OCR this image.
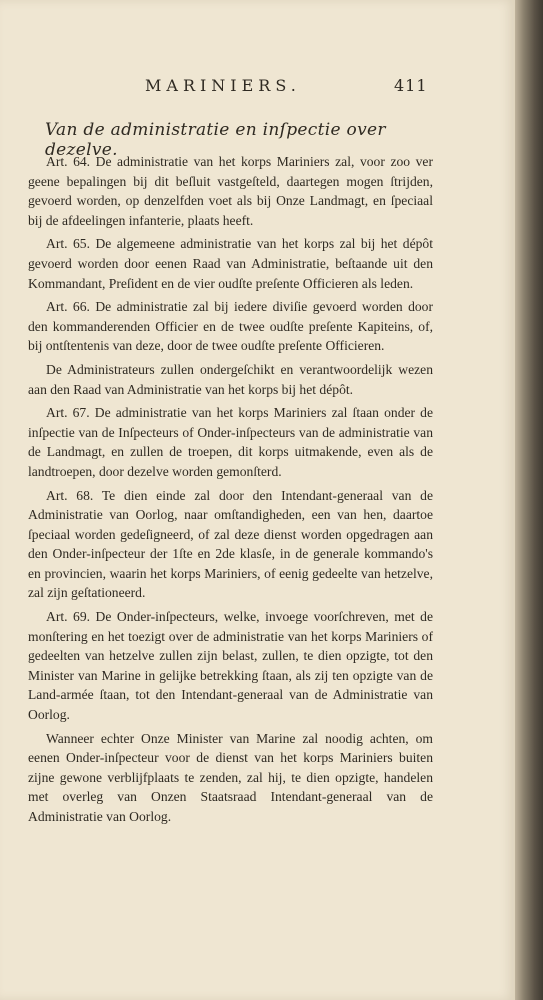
MARINIERS.	411
Van de administratie en inſpectie over dezelve.

Art. 64. De administratie van het korps Mariniers zal, voor zoo ver geene bepalingen bij dit beſluit vastgeſteld, daartegen mogen ſtrijden, gevoerd worden, op denzelfden voet als bij Onze Landmagt, en ſpeciaal bij de afdeelingen infanterie, plaats heeft.

Art. 65. De algemeene administratie van het korps zal bij het dépôt gevoerd worden door eenen Raad van Administratie, beſtaande uit den Kommandant, Preſident en de vier oudſte preſente Officieren als leden.

Art. 66. De administratie zal bij iedere diviſie gevoerd worden door den kommanderenden Officier en de twee oudſte preſente Kapiteins, of, bij ontſtentenis van deze, door de twee oudſte preſente Officieren.

De Administrateurs zullen ondergeſchikt en verantwoordelijk wezen aan den Raad van Administratie van het korps bij het dépôt.

Art. 67. De administratie van het korps Mariniers zal ſtaan onder de inſpectie van de Inſpecteurs of Onder-inſpecteurs van de administratie van de Landmagt, en zullen de troepen, dit korps uitmakende, even als de landtroepen, door dezelve worden gemonſterd.

Art. 68. Te dien einde zal door den Intendant-generaal van de Administratie van Oorlog, naar omſtandigheden, een van hen, daartoe ſpeciaal worden gedeſigneerd, of zal deze dienst worden opgedragen aan den Onder-inſpecteur der 1ſte en 2de klasſe, in de generale kommando's en provincien, waarin het korps Mariniers, of eenig gedeelte van hetzelve, zal zijn geſtationeerd.

Art. 69. De Onder-inſpecteurs, welke, invoege voorſchreven, met de monſtering en het toezigt over de administratie van het korps Mariniers of gedeelten van hetzelve zullen zijn belast, zullen, te dien opzigte, tot den Minister van Marine in gelijke betrekking ſtaan, als zij ten opzigte van de Land-armée ſtaan, tot den Intendant-generaal van de Administratie van Oorlog.

Wanneer echter Onze Minister van Marine zal noodig achten, om eenen Onder-inſpecteur voor de dienst van het korps Mariniers buiten zijne gewone verblijfplaats te zenden, zal hij, te dien opzigte, handelen met overleg van Onzen Staatsraad Intendant-generaal van de Administratie van Oorlog.
